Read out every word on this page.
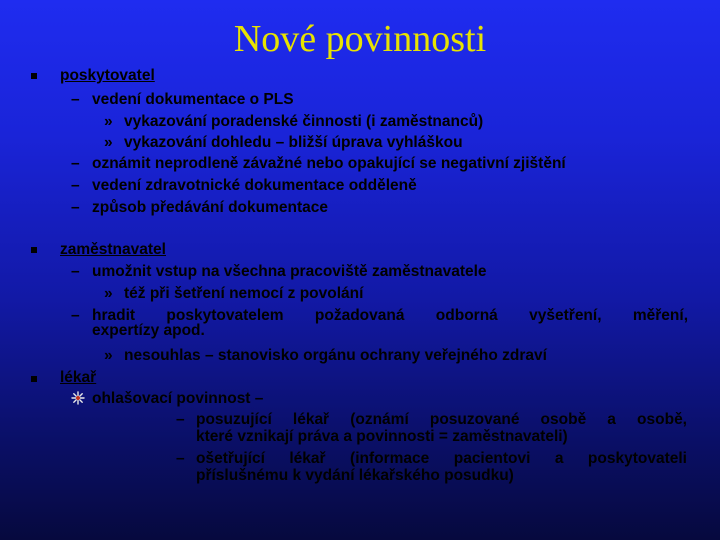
Nové povinnosti
poskytovatel
– vedení dokumentace o PLS
» vykazování poradenské činnosti (i zaměstnanců)
» vykazování dohledu – bližší úprava vyhláškou
– oznámit neprodleně závažné nebo opakující se negativní zjištění
– vedení zdravotnické dokumentace odděleně
– způsob předávání dokumentace
zaměstnavatel
– umožnit vstup na všechna pracoviště zaměstnavatele
» též při šetření nemocí z povolání
– hradit poskytovatelem požadovaná odborná vyšetření, měření,
expertízy apod.
» nesouhlas – stanovisko orgánu ochrany veřejného zdraví
lékař
ohlašovací povinnost –
– posuzující lékař (oznámí posuzované osobě a osobě,
které vznikají práva a povinnosti = zaměstnavateli)
– ošetřující lékař (informace pacientovi a poskytovateli
příslušnému k vydání lékařského posudku)
